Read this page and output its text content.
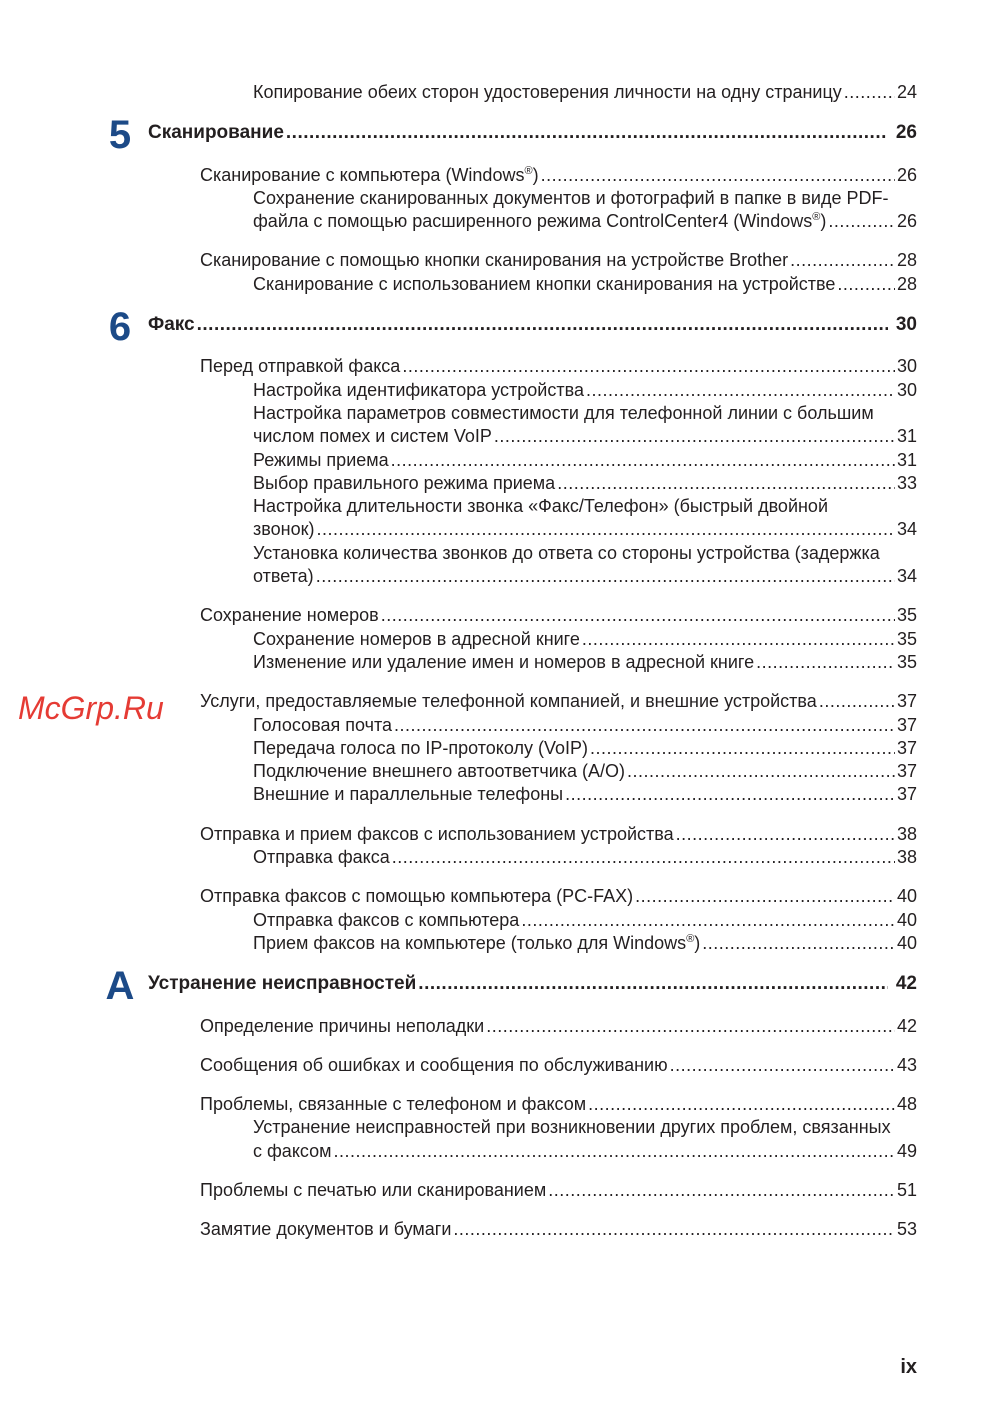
Копирование обеих сторон удостоверения личности на одну страницу .....	24
Сканирование .....	26
5
Сканирование с компьютера (Windows®) .....	26
Сохранение сканированных документов и фотографий в папке в виде PDF-файла с помощью расширенного режима ControlCenter4 (Windows®) .....	26
Сканирование с помощью кнопки сканирования на устройстве Brother .....	28
Сканирование с использованием кнопки сканирования на устройстве .....	28
Факс .....	30
6
Перед отправкой факса .....	30
Настройка идентификатора устройства .....	30
Настройка параметров совместимости для телефонной линии с большим числом помех и систем VoIP .....	31
Режимы приема .....	31
Выбор правильного режима приема .....	33
Настройка длительности звонка «Факс/Телефон» (быстрый двойной звонок) .....	34
Установка количества звонков до ответа со стороны устройства (задержка ответа) .....	34
Сохранение номеров .....	35
Сохранение номеров в адресной книге .....	35
Изменение или удаление имен и номеров в адресной книге .....	35
Услуги, предоставляемые телефонной компанией, и внешние устройства .....	37
Голосовая почта .....	37
Передача голоса по IP-протоколу (VoIP) .....	37
Подключение внешнего автоответчика (A/O) .....	37
Внешние и параллельные телефоны .....	37
Отправка и прием факсов с использованием устройства .....	38
Отправка факса .....	38
Отправка факсов с помощью компьютера (PC-FAX) .....	40
Отправка факсов с компьютера .....	40
Прием факсов на компьютере (только для Windows®) .....	40
Устранение неисправностей .....	42
A
Определение причины неполадки .....	42
Сообщения об ошибках и сообщения по обслуживанию .....	43
Проблемы, связанные с телефоном и факсом .....	48
Устранение неисправностей при возникновении других проблем, связанных с факсом .....	49
Проблемы с печатью или сканированием .....	51
Замятие документов и бумаги .....	53
McGrp.Ru
ix
